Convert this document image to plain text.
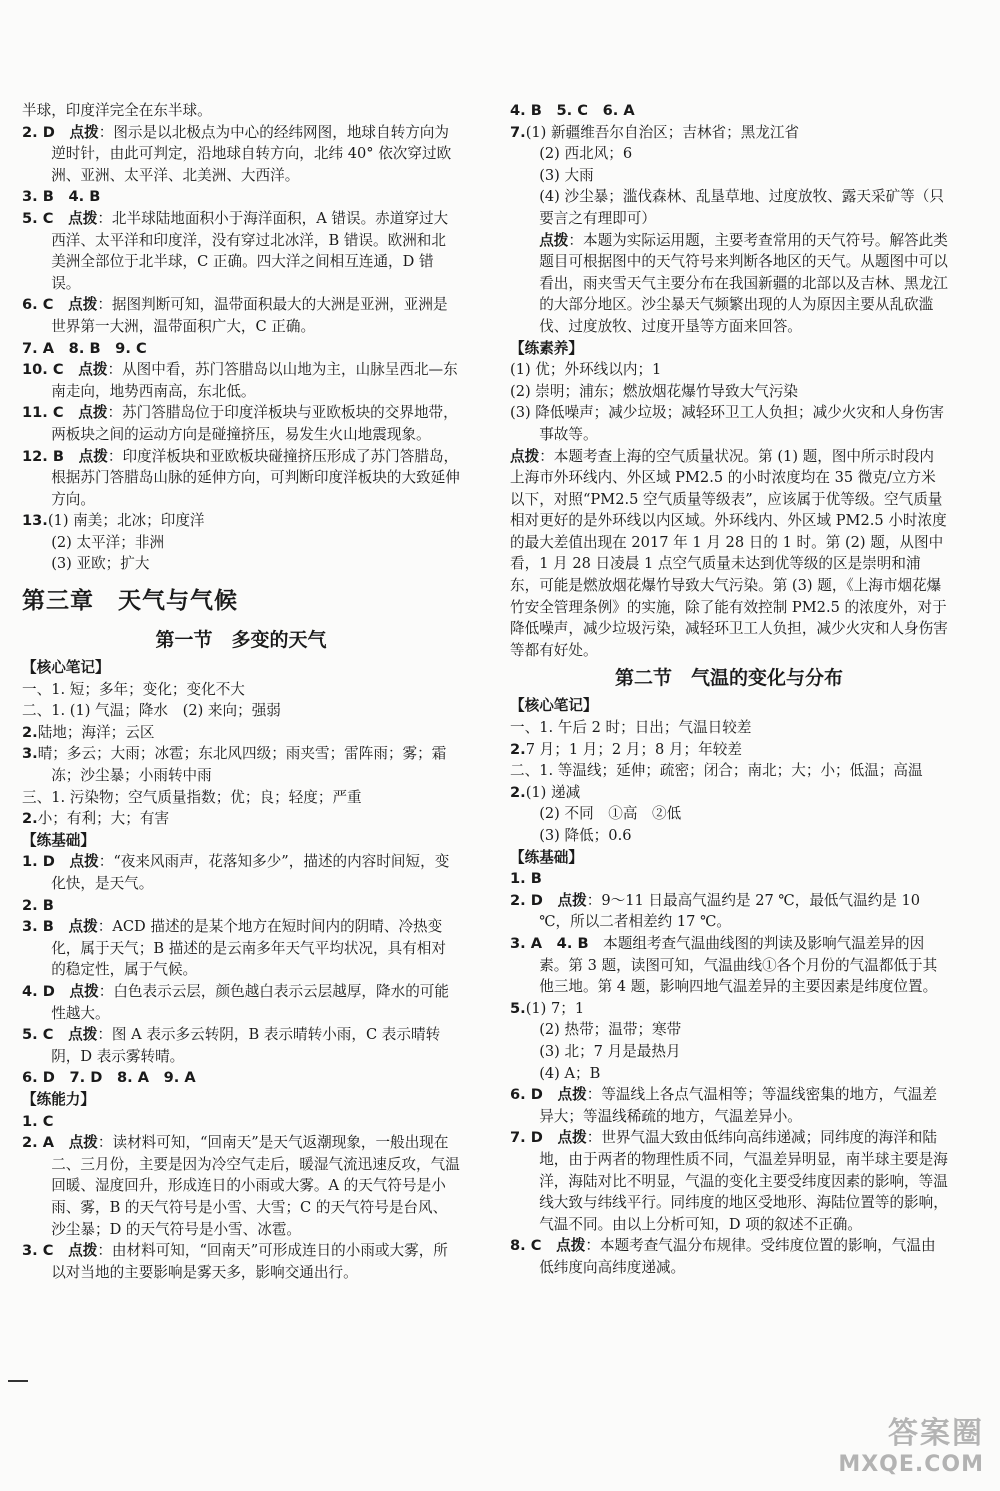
半球，印度洋完全在东半球。
2. D　 点拨：图示是以北极点为中心的经纬网图，地球自转方向为逆时针，由此可判定，沿地球自转方向，北纬 40° 依次穿过欧洲、亚洲、太平洋、北美洲、大西洋。
3. B　4. B
5. C　 点拨：北半球陆地面积小于海洋面积，A 错误。赤道穿过大西洋、太平洋和印度洋，没有穿过北冰洋，B 错误。欧洲和北美洲全部位于北半球，C 正确。四大洋之间相互连通，D 错误。
6. C　 点拨：据图判断可知，温带面积最大的大洲是亚洲，亚洲是世界第一大洲，温带面积广大，C 正确。
7. A　8. B　9. C
10. C　 点拨：从图中看，苏门答腊岛以山地为主，山脉呈西北—东南走向，地势西南高，东北低。
11. C　 点拨：苏门答腊岛位于印度洋板块与亚欧板块的交界地带，两板块之间的运动方向是碰撞挤压，易发生火山地震现象。
12. B　 点拨：印度洋板块和亚欧板块碰撞挤压形成了苏门答腊岛，根据苏门答腊岛山脉的延伸方向，可判断印度洋板块的大致延伸方向。
13.(1) 南美；北冰；印度洋
(2) 太平洋；非洲
(3) 亚欧；扩大
第三章　天气与气候
第一节　多变的天气
【核心笔记】
一、1. 短；多年；变化；变化不大
二、1. (1) 气温；降水　(2) 来向；强弱
2.陆地；海洋；云区
3.晴；多云；大雨；冰雹；东北风四级；雨夹雪；雷阵雨；雾；霜冻；沙尘暴；小雨转中雨
三、1. 污染物；空气质量指数；优；良；轻度；严重
2.小；有利；大；有害
【练基础】
1. D　 点拨：“夜来风雨声，花落知多少”，描述的内容时间短，变化快，是天气。
2. B
3. B　 点拨：ACD 描述的是某个地方在短时间内的阴晴、冷热变化，属于天气；B 描述的是云南多年天气平均状况，具有相对的稳定性，属于气候。
4. D　 点拨：白色表示云层，颜色越白表示云层越厚，降水的可能性越大。
5. C　 点拨：图 A 表示多云转阴，B 表示晴转小雨，C 表示晴转阴，D 表示雾转晴。
6. D　7. D　8. A　9. A
【练能力】
1. C
2. A　 点拨：读材料可知，“回南天”是天气返潮现象，一般出现在二、三月份，主要是因为冷空气走后，暖湿气流迅速反攻，气温回暖、湿度回升，形成连日的小雨或大雾。A 的天气符号是小雨、雾，B 的天气符号是小雪、大雪；C 的天气符号是台风、沙尘暴；D 的天气符号是小雪、冰雹。
3. C　 点拨：由材料可知，“回南天”可形成连日的小雨或大雾，所以对当地的主要影响是雾天多，影响交通出行。
4. B　5. C　6. A
7.(1) 新疆维吾尔自治区；吉林省；黑龙江省
(2) 西北风；6
(3) 大雨
(4) 沙尘暴；滥伐森林、乱垦草地、过度放牧、露天采矿等（只要言之有理即可）
点拨：本题为实际运用题，主要考查常用的天气符号。解答此类题目可根据图中的天气符号来判断各地区的天气。从题图中可以看出，雨夹雪天气主要分布在我国新疆的北部以及吉林、黑龙江的大部分地区。沙尘暴天气频繁出现的人为原因主要从乱砍滥伐、过度放牧、过度开垦等方面来回答。
【练素养】
(1) 优；外环线以内；1
(2) 崇明；浦东；燃放烟花爆竹导致大气污染
(3) 降低噪声；减少垃圾；减轻环卫工人负担；减少火灾和人身伤害事故等。
点拨：本题考查上海的空气质量状况。第 (1) 题，图中所示时段内上海市外环线内、外区域 PM2.5 的小时浓度均在 35 微克/立方米以下，对照“PM2.5 空气质量等级表”，应该属于优等级。空气质量相对更好的是外环线以内区域。外环线内、外区域 PM2.5 小时浓度的最大差值出现在 2017 年 1 月 28 日的 1 时。第 (2) 题，从图中看，1 月 28 日凌晨 1 点空气质量未达到优等级的区是崇明和浦东，可能是燃放烟花爆竹导致大气污染。第 (3) 题，《上海市烟花爆竹安全管理条例》的实施，除了能有效控制 PM2.5 的浓度外，对于降低噪声，减少垃圾污染，减轻环卫工人负担，减少火灾和人身伤害等都有好处。
第二节　气温的变化与分布
【核心笔记】
一、1. 午后 2 时；日出；气温日较差
2.7 月；1 月；2 月；8 月；年较差
二、1. 等温线；延伸；疏密；闭合；南北；大；小；低温；高温
2.(1) 递减
(2) 不同　①高　②低
(3) 降低；0.6
【练基础】
1. B
2. D　 点拨：9～11 日最高气温约是 27 ℃，最低气温约是 10 ℃，所以二者相差约 17 ℃。
3. A　4. B　本题组考查气温曲线图的判读及影响气温差异的因素。第 3 题，读图可知，气温曲线①各个月份的气温都低于其他三地。第 4 题，影响四地气温差异的主要因素是纬度位置。
5.(1) 7；1
(2) 热带；温带；寒带
(3) 北；7 月是最热月
(4) A；B
6. D　 点拨：等温线上各点气温相等；等温线密集的地方，气温差异大；等温线稀疏的地方，气温差异小。
7. D　 点拨：世界气温大致由低纬向高纬递减；同纬度的海洋和陆地，由于两者的物理性质不同，气温差异明显，南半球主要是海洋，海陆对比不明显，气温的变化主要受纬度因素的影响，等温线大致与纬线平行。同纬度的地区受地形、海陆位置等的影响，气温不同。由以上分析可知，D 项的叙述不正确。
8. C　 点拨：本题考查气温分布规律。受纬度位置的影响，气温由低纬度向高纬度递减。
答案圈
MXQE.COM
